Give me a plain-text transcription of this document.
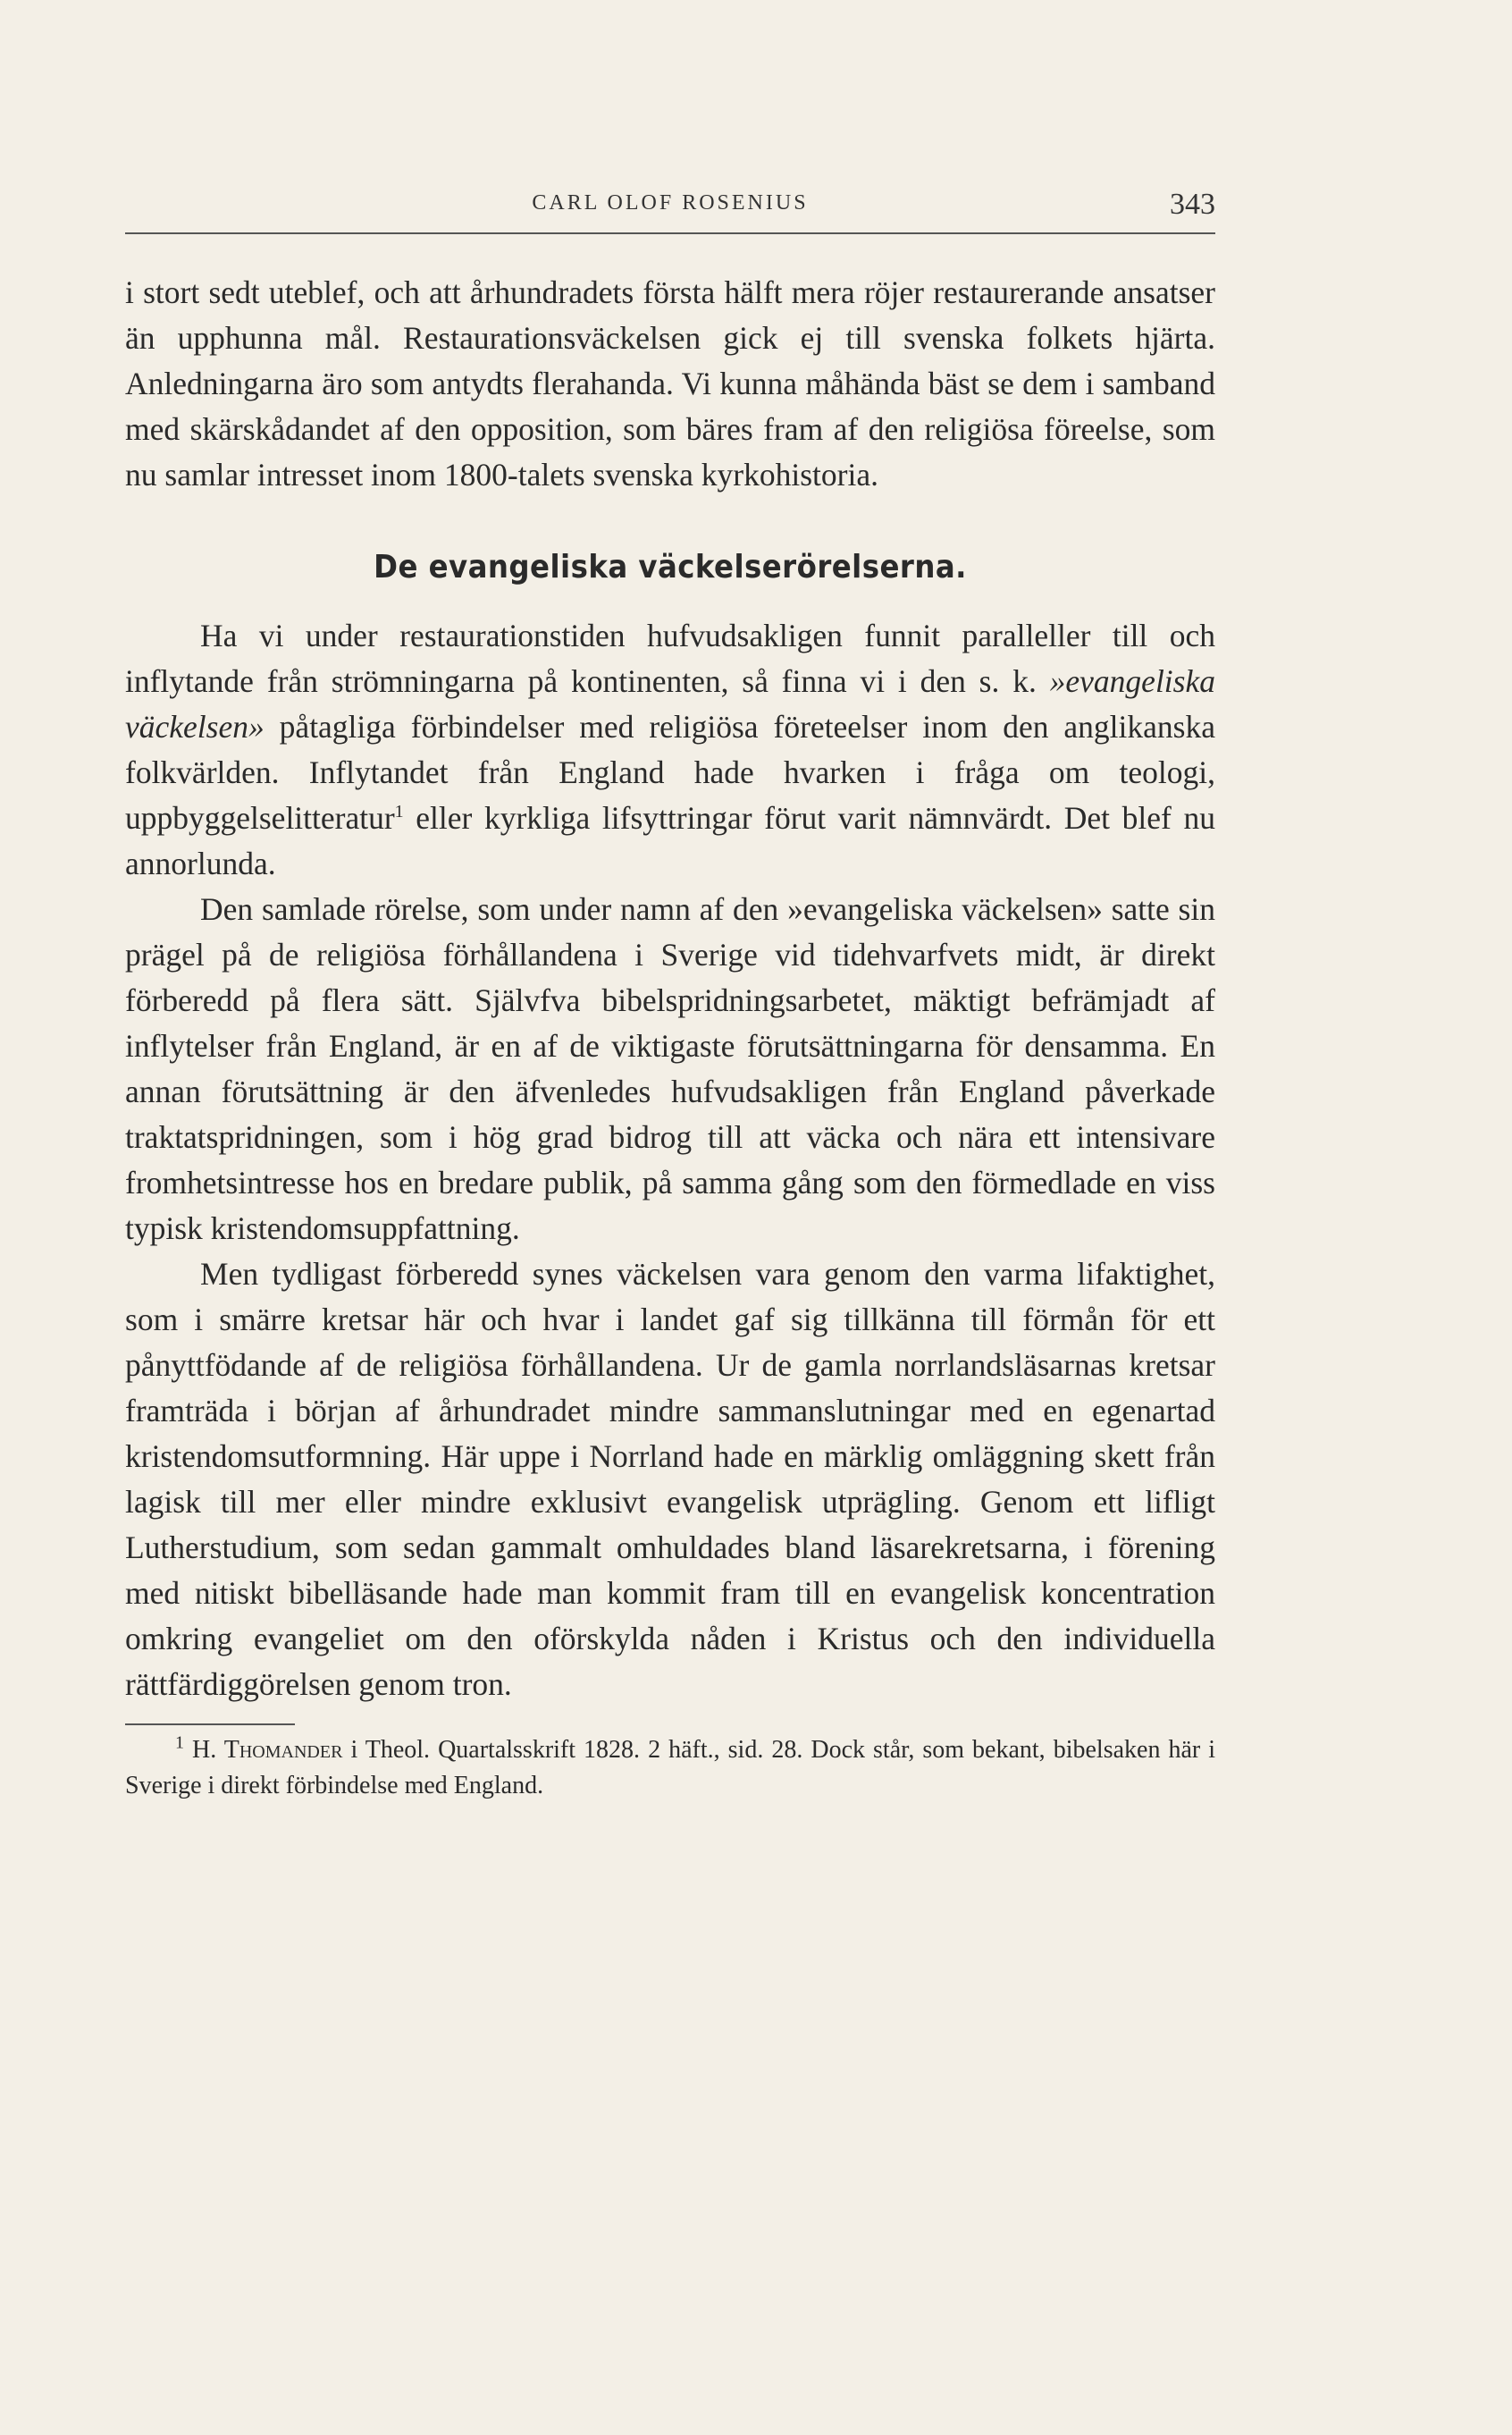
CARL OLOF ROSENIUS	343

i stort sedt uteblef, och att århundradets första hälft mera röjer restaurerande ansatser än upphunna mål. Restaurationsväckelsen gick ej till svenska folkets hjärta. Anledningarna äro som antydts flerahanda. Vi kunna måhända bäst se dem i samband med skärskådandet af den opposition, som bäres fram af den religiösa föreelse, som nu samlar intresset inom 1800-talets svenska kyrkohistoria.

De evangeliska väckelserörelserna.

Ha vi under restaurationstiden hufvudsakligen funnit paralleller till och inflytande från strömningarna på kontinenten, så finna vi i den s. k. »evangeliska väckelsen» påtagliga förbindelser med religiösa företeelser inom den anglikanska folkvärlden. Inflytandet från England hade hvarken i fråga om teologi, uppbyggelselitteratur$^1$ eller kyrkliga lifsyttringar förut varit nämnvärdt. Det blef nu annorlunda.

Den samlade rörelse, som under namn af den »evangeliska väckelsen» satte sin prägel på de religiösa förhållandena i Sverige vid tidehvarfvets midt, är direkt förberedd på flera sätt. Självfva bibelspridningsarbetet, mäktigt befrämjadt af inflytelser från England, är en af de viktigaste förutsättningarna för densamma. En annan förutsättning är den äfvenledes hufvudsakligen från England påverkade traktatspridningen, som i hög grad bidrog till att väcka och nära ett intensivare fromhetsintresse hos en bredare publik, på samma gång som den förmedlade en viss typisk kristendomsuppfattning.

Men tydligast förberedd synes väckelsen vara genom den varma lifaktighet, som i smärre kretsar här och hvar i landet gaf sig tillkänna till förmån för ett pånyttfödande af de religiösa förhållandena. Ur de gamla norrlandsläsarnas kretsar framträda i början af århundradet mindre sammanslutningar med en egenartad kristendomsutformning. Här uppe i Norrland hade en märklig omläggning skett från lagisk till mer eller mindre exklusivt evangelisk utprägling. Genom ett lifligt Lutherstudium, som sedan gammalt omhuldades bland läsarekretsarna, i förening med nitiskt bibelläsande hade man kommit fram till en evangelisk koncentration omkring evangeliet om den oförskylda nåden i Kristus och den individuella rättfärdiggörelsen genom tron.

$^1$ H. Thomander i Theol. Quartalsskrift 1828. 2 häft., sid. 28. Dock står, som bekant, bibelsaken här i Sverige i direkt förbindelse med England.
